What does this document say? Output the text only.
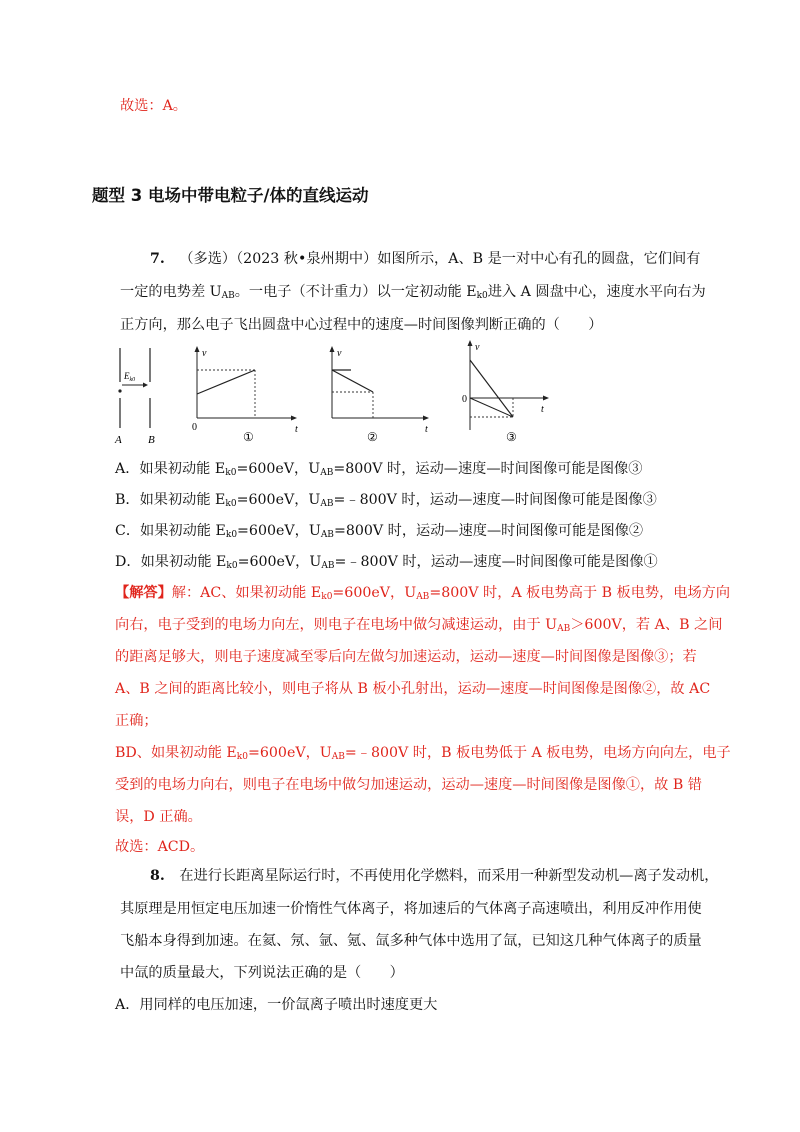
故选：A。
题型 3 电场中带电粒子/体的直线运动
7. （多选）（2023 秋•泉州期中）如图所示，A、B 是一对中心有孔的圆盘，它们间有
一定的电势差 $U_{AB}$。一电子（不计重力）以一定初动能 $E_{k0}$进入 A 圆盘中心，速度水平向右为
正方向，那么电子飞出圆盘中心过程中的速度—时间图像判断正确的（　　）
$E_{k0}$
A B
v
t
0
①
v
t
②
v
t
0
③
A．如果初动能 $E_{k0}=600eV$，$U_{AB}=800V$ 时，运动—速度—时间图像可能是图像③
B．如果初动能 $E_{k0}=600eV$，$U_{AB}=﹣800V$ 时，运动—速度—时间图像可能是图像③
C．如果初动能 $E_{k0}=600eV$，$U_{AB}=800V$ 时，运动—速度—时间图像可能是图像②
D．如果初动能 $E_{k0}=600eV$，$U_{AB}=﹣800V$ 时，运动—速度—时间图像可能是图像①
【解答】解：AC、如果初动能 $E_{k0}=600eV$，$U_{AB}=800V$ 时，A 板电势高于 B 板电势，电场方向
向右，电子受到的电场力向左，则电子在电场中做匀减速运动，由于 $U_{AB}>600V$，若 A、B 之间
的距离足够大，则电子速度减至零后向左做匀加速运动，运动—速度—时间图像是图像③；若
A、B 之间的距离比较小，则电子将从 B 板小孔射出，运动—速度—时间图像是图像②，故 AC
正确；
BD、如果初动能 $E_{k0}=600eV$，$U_{AB}=﹣800V$ 时，B 板电势低于 A 板电势，电场方向向左，电子
受到的电场力向右，则电子在电场中做匀加速运动，运动—速度—时间图像是图像①，故 B 错
误，D 正确。
故选：ACD。
8. 在进行长距离星际运行时，不再使用化学燃料，而采用一种新型发动机—离子发动机，
其原理是用恒定电压加速一价惰性气体离子，将加速后的气体离子高速喷出，利用反冲作用使
飞船本身得到加速。在氦、氖、氩、氪、氙多种气体中选用了氙，已知这几种气体离子的质量
中氙的质量最大，下列说法正确的是（　　）
A．用同样的电压加速，一价氙离子喷出时速度更大
